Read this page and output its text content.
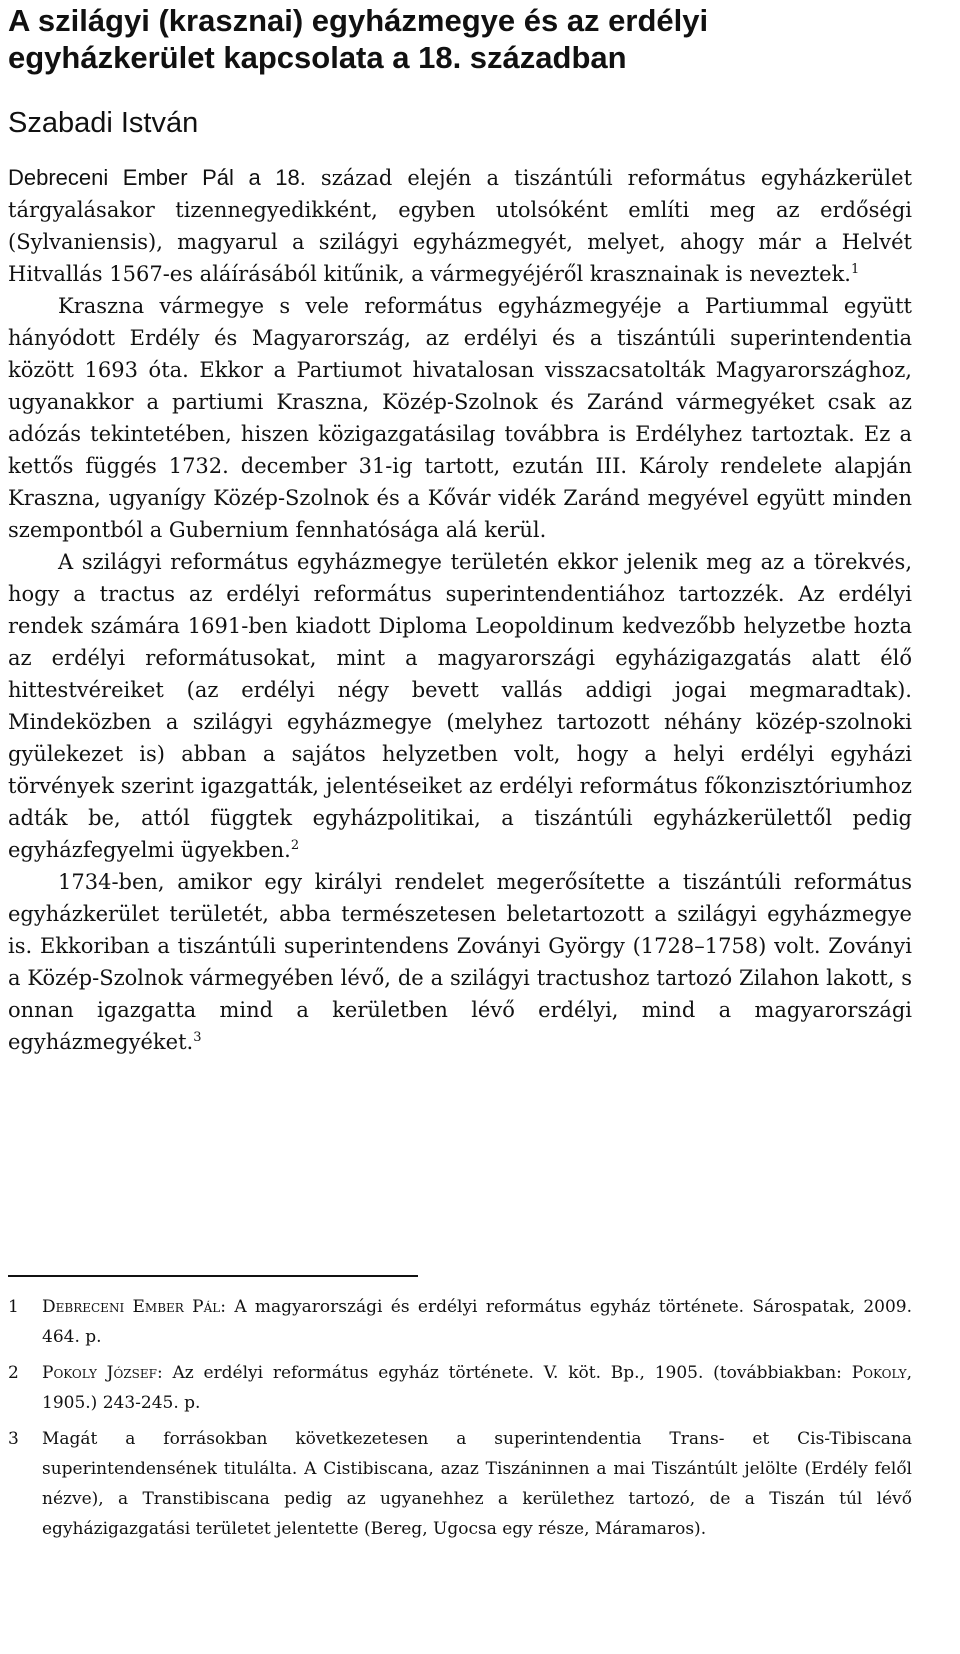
A szilágyi (krasznai) egyházmegye és az erdélyi egyházkerület kapcsolata a 18. században
Szabadi István

Debreceni Ember Pál a 18. század elején a tiszántúli református egyházkerület tárgyalásakor tizennegyedikként, egyben utolsóként említi meg az erdőségi (Sylvaniensis), magyarul a szilágyi egyházmegyét, melyet, ahogy már a Helvét Hitvallás 1567-es aláírásából kitűnik, a vármegyéjéről krasznainak is neveztek.$^1$

Kraszna vármegye s vele református egyházmegyéje a Partiummal együtt hányódott Erdély és Magyarország, az erdélyi és a tiszántúli superintendentia között 1693 óta. Ekkor a Partiumot hivatalosan visszacsatolták Magyarországhoz, ugyanakkor a partiumi Kraszna, Közép-Szolnok és Zaránd vármegyéket csak az adózás tekintetében, hiszen közigazgatásilag továbbra is Erdélyhez tartoztak. Ez a kettős függés 1732. december 31-ig tartott, ezután III. Károly rendelete alapján Kraszna, ugyanígy Közép-Szolnok és a Kővár vidék Zaránd megyével együtt minden szempontból a Gubernium fennhatósága alá kerül.

A szilágyi református egyházmegye területén ekkor jelenik meg az a törekvés, hogy a tractus az erdélyi református superintendentiához tartozzék. Az erdélyi rendek számára 1691-ben kiadott Diploma Leopoldinum kedvezőbb helyzetbe hozta az erdélyi reformátusokat, mint a magyarországi egyházigazgatás alatt élő hittestvéreiket (az erdélyi négy bevett vallás addigi jogai megmaradtak). Mindeközben a szilágyi egyházmegye (melyhez tartozott néhány közép-szolnoki gyülekezet is) abban a sajátos helyzetben volt, hogy a helyi erdélyi egyházi törvények szerint igazgatták, jelentéseiket az erdélyi református főkonzisztóriumhoz adták be, attól függtek egyházpolitikai, a tiszántúli egyházkerülettől pedig egyházfegyelmi ügyekben.$^2$

1734-ben, amikor egy királyi rendelet megerősítette a tiszántúli református egyházkerület területét, abba természetesen beletartozott a szilágyi egyházmegye is. Ekkoriban a tiszántúli superintendens Zoványi György (1728–1758) volt. Zoványi a Közép-Szolnok vármegyében lévő, de a szilágyi tractushoz tartozó Zilahon lakott, s onnan igazgatta mind a kerületben lévő erdélyi, mind a magyarországi egyházmegyéket.$^3$

1	Debreceni Ember Pál: A magyarországi és erdélyi református egyház története. Sárospatak, 2009. 464. p.
2	Pokoly József: Az erdélyi református egyház története. V. köt. Bp., 1905. (továbbiakban: Pokoly, 1905.) 243-245. p.
3	Magát a forrásokban következetesen a superintendentia Trans- et Cis-Tibiscana superintendensének titulálta. A Cistibiscana, azaz Tiszáninnen a mai Tiszántúlt jelölte (Erdély felől nézve), a Transtibiscana pedig az ugyanehhez a kerülethez tartozó, de a Tiszán túl lévő egyházigazgatási területet jelentette (Bereg, Ugocsa egy része, Máramaros).
